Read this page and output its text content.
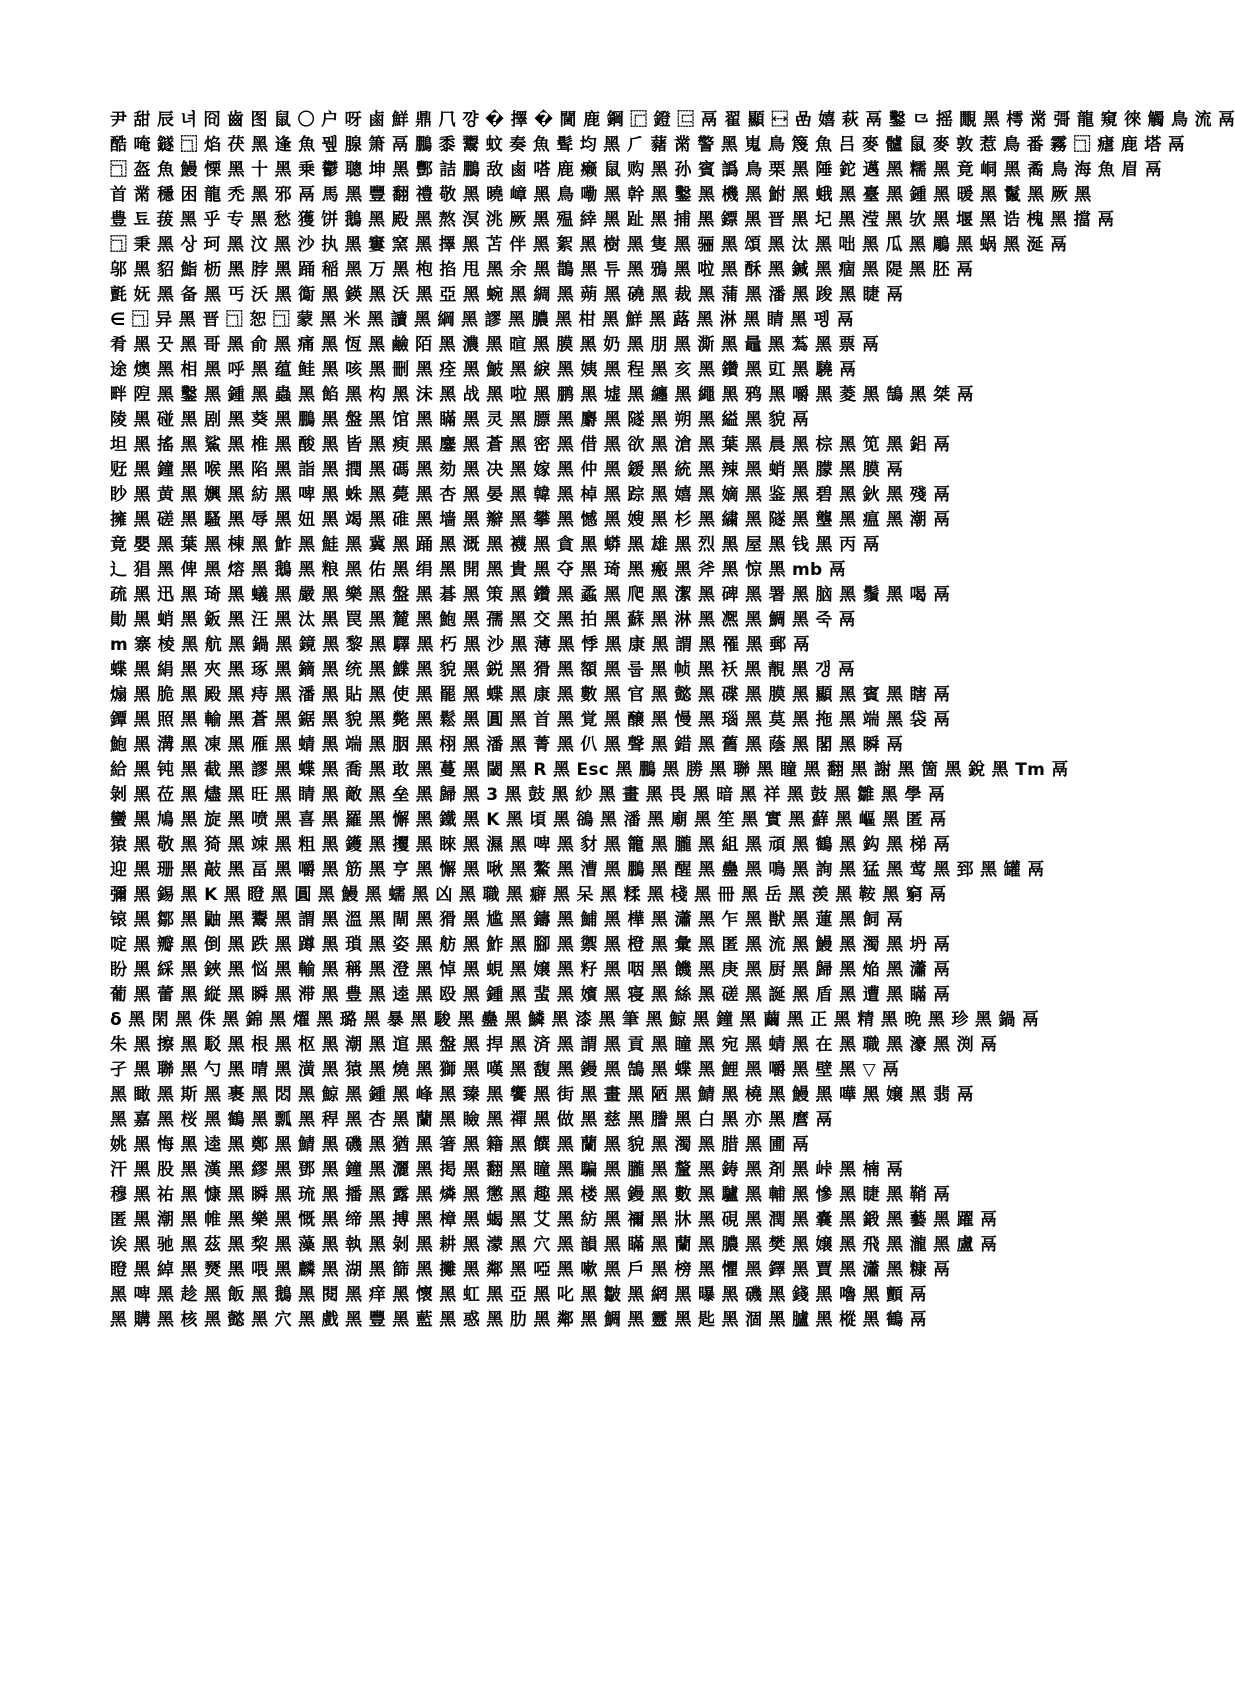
尹 甜 ⾠ 녀 冏 ⿒ 图 ⿏ 〇 户 呀 ⿄ 鮮 ⿍ ⺇ 꺙 � 擇 � 閫 ⿅ 鋼 ⿸ 鐙 ⿷ ⿀ 翟 顯 ⿾ 嵒 嬉 萩 ⿀ 鑿 ⺋ 摇 覵 ⿊ 樗 ⿋ 彁 ⿓ 窺 徠 觸 ⿃ 流 ⿀
酷 唵 鐩 ⿹ 焰 茯 ⿊ 逢 ⿂ 뮆 腺 箫 ⿀ 鵬 ⿉ 鬻 蚊 奏 ⿂ 髶 均 ⿊ ⺁ 藸 ⿋ 警 ⿊ 嵬 ⿃ 篾 ⿂ 吕 ⿆ 髗 ⿏ ⿆ 敦 惹 ⿃ 番 霧 ⿹ 瘧 ⿅ 塔 ⿀
⿹ 盔 ⿂ 鰻 慄 ⿊ 十 ⿊ 乗 鬱 聰 坤 ⿊ 酆 詰 鵬 敌 ⿄ 嗒 ⿅ 癞 ⿏ 购 ⿊ 孙 賓 譌 ⿃ 栗 ⿊ 陲 鉈 邁 ⿊ 糯 ⿊ 竟 峒 ⿊ 矞 ⿃ 海 ⿂ 眉 ⿀
首 ⿋ 穩 困 ⿓ 禿 ⿊ 邪 ⿀ 馬 ⿊ 豐 翻 禮 敬 ⿊ 曉 嶂 ⿊ 鳥 嘞 ⿊ 幹 ⿊ 鑿 ⿊ 機 ⿊ 鮒 ⿊ 蛾 ⿊ 臺 ⿊ 鍾 ⿊ 暖 ⿊ 鬣 ⿊ 厥 ⿊
豊 툐 菝 ⿊ 乎 专 ⿊ 愁 獲 饼 鵝 ⿊ 殿 ⿊ 熬 溟 洮 厥 ⿊ 殟 緈 ⿊ 趾 ⿊ 捕 ⿊ 鏢 ⿊ 晋 ⿊ 圮 ⿊ 滢 ⿊ 欤 ⿊ 堰 ⿊ 诰 槐 ⿊ 擋 ⿀
⿹ 秉 ⿊ 상 珂 ⿊ 汶 ⿊ 沙 执 ⿊ 窶 窯 ⿊ 擇 ⿊ 苫 伴 ⿊ 絮 ⿊ 樹 ⿊ 隻 ⿊ 骊 ⿊ 頌 ⿊ 汰 ⿊ 咄 ⿊ 瓜 ⿊ 鵰 ⿊ 蜗 ⿊ 涎 ⿀
邬 ⿊ 貂 鮨 枥 ⿊ 脖 ⿊ 踊 稲 ⿊ 万 ⿊ 枹 掐 甩 ⿊ 余 ⿊ 鵲 ⿊ 튜 ⿊ 鴉 ⿊ 啦 ⿊ 酥 ⿊ 鍼 ⿊ 痼 ⿊ 隄 ⿊ 胚 ⿀
氈 妩 ⿊ 备 ⿊ 丐 沃 ⿊ 鵆 ⿊ 鍈 ⿊ 沃 ⿊ 亞 ⿊ 蜿 ⿊ 綢 ⿊ 蒴 ⿊ 磽 ⿊ 裁 ⿊ 蒲 ⿊ 潘 ⿊ 踆 ⿊ 睫 ⿀
∈ ⿹ 异 ⿊ 晋 ⿹ 恕 ⿹ 蒙 ⿊ 米 ⿊ 讀 ⿊ 綱 ⿊ 謬 ⿊ 膿 ⿊ 柑 ⿊ 鮮 ⿊ 蕗 ⿊ 淋 ⿊ 睛 ⿊ 펭 ⿀
肴 ⿊ 꿋 ⿊ 哥 ⿊ 俞 ⿊ 痛 ⿊ 恆 ⿊ 鹼 陌 ⿊ 濃 ⿊ 暄 ⿊ 膜 ⿊ 奶 ⿊ 朋 ⿊ 澌 ⿊ 鼂 ⿊ 蒍 ⿊ 票 ⿀
途 燠 ⿊ 相 ⿊ 呼 ⿊ 蕴 鲑 ⿊ 咳 ⿊ 刪 ⿊ 痊 ⿊ 鮍 ⿊ 綟 ⿊ 姨 ⿊ 程 ⿊ 亥 ⿊ 鑽 ⿊ 豇 ⿊ 驍 ⿀
畔 隉 ⿊ 鑿 ⿊ 鍾 ⿊ 蟲 ⿊ 餡 ⿊ 构 ⿊ 沫 ⿊ 战 ⿊ 啦 ⿊ 鹏 ⿊ 墟 ⿊ 纏 ⿊ 繩 ⿊ 鸦 ⿊ 嚼 ⿊ 菱 ⿊ 鵠 ⿊ 桀 ⿀
陵 ⿊ 碰 ⿊ 剧 ⿊ 葵 ⿊ 鵬 ⿊ 盤 ⿊ 馆 ⿊ 瞞 ⿊ 灵 ⿊ 膘 ⿊ 麝 ⿊ 隧 ⿊ 朔 ⿊ 縊 ⿊ 貌 ⿀
坦 ⿊ 搖 ⿊ 鯊 ⿊ 椎 ⿊ 酸 ⿊ 皆 ⿊ 瘐 ⿊ 鏖 ⿊ 蒼 ⿊ 密 ⿊ 借 ⿊ 欲 ⿊ 滄 ⿊ 葉 ⿊ 晨 ⿊ 棕 ⿊ 笕 ⿊ 鋁 ⿀
觃 ⿊ 鐘 ⿊ 喉 ⿊ 陷 ⿊ 詣 ⿊ 撋 ⿊ 碼 ⿊ 劾 ⿊ 决 ⿊ 嫁 ⿊ 仲 ⿊ 鍰 ⿊ 統 ⿊ 辣 ⿊ 蛸 ⿊ 朦 ⿊ 膜 ⿀
眇 ⿊ 黄 ⿊ 嬹 ⿊ 紡 ⿊ 啤 ⿊ 蛛 ⿊ 薨 ⿊ 杏 ⿊ 晏 ⿊ 韓 ⿊ 棹 ⿊ 踪 ⿊ 嬉 ⿊ 嫡 ⿊ 鉴 ⿊ 碧 ⿊ 鈥 ⿊ 殘 ⿀
擁 ⿊ 磋 ⿊ 騷 ⿊ 辱 ⿊ 妞 ⿊ 竭 ⿊ 碓 ⿊ 墙 ⿊ 辮 ⿊ 攀 ⿊ 憾 ⿊ 嫂 ⿊ 杉 ⿊ 繍 ⿊ 隧 ⿊ 壟 ⿊ 瘟 ⿊ 潮 ⿀
竟 嬰 ⿊ 葉 ⿊ 棟 ⿊ 鮓 ⿊ 鮭 ⿊ 冀 ⿊ 踊 ⿊ 溉 ⿊ 襪 ⿊ 貪 ⿊ 蟒 ⿊ 雄 ⿊ 烈 ⿊ 屋 ⿊ 钱 ⿊ 丙 ⿀
辶 猖 ⿊ 俾 ⿊ 熔 ⿊ 鵝 ⿊ 粮 ⿊ 佑 ⿊ 绢 ⿊ 開 ⿊ 貴 ⿊ 夺 ⿊ 琦 ⿊ 瘢 ⿊ 斧 ⿊ 惊 ⿊ mb ⿀
疏 ⿊ 迅 ⿊ 琦 ⿊ 蟻 ⿊ 嚴 ⿊ 樂 ⿊ 盤 ⿊ 碁 ⿊ 策 ⿊ 鑽 ⿊ 蟊 ⿊ 爬 ⿊ 潔 ⿊ 碑 ⿊ 署 ⿊ 脑 ⿊ 鬚 ⿊ 喝 ⿀
勛 ⿊ 蛸 ⿊ 鈑 ⿊ 汪 ⿊ 汰 ⿊ 罠 ⿊ 麓 ⿊ 鮑 ⿊ 孺 ⿊ 交 ⿊ 拍 ⿊ 蘇 ⿊ 淋 ⿊ 凞 ⿊ 鯛 ⿊ 죽 ⿀
m 寨 棱 ⿊ 航 ⿊ 鍋 ⿊ 鏡 ⿊ 黎 ⿊ 驛 ⿊ 朽 ⿊ 沙 ⿊ 薄 ⿊ 悸 ⿊ 康 ⿊ 謂 ⿊ 罹 ⿊ 郵 ⿀
蝶 ⿊ 絹 ⿊ 夾 ⿊ 琢 ⿊ 鏑 ⿊ 统 ⿊ 鰈 ⿊ 貌 ⿊ 鋭 ⿊ 猾 ⿊ 額 ⿊ 룹 ⿊ 帧 ⿊ 袄 ⿊ 靚 ⿊ 갱 ⿀
煽 ⿊ 脆 ⿊ 殿 ⿊ 痔 ⿊ 潘 ⿊ 貼 ⿊ 使 ⿊ 罷 ⿊ 蝶 ⿊ 康 ⿊ 數 ⿊ 官 ⿊ 懿 ⿊ 碟 ⿊ 膜 ⿊ 顯 ⿊ 賓 ⿊ 瞎 ⿀
鐔 ⿊ 照 ⿊ 輸 ⿊ 蒼 ⿊ 鋸 ⿊ 貌 ⿊ 斃 ⿊ 鬆 ⿊ 圓 ⿊ 首 ⿊ 覚 ⿊ 醸 ⿊ 慢 ⿊ 瑙 ⿊ 莫 ⿊ 拖 ⿊ 端 ⿊ 袋 ⿀
鮑 ⿊ 溝 ⿊ 凍 ⿊ 雁 ⿊ 蜻 ⿊ 端 ⿊ 胭 ⿊ 栩 ⿊ 潘 ⿊ 菁 ⿊ 仈 ⿊ 聲 ⿊ 錯 ⿊ 舊 ⿊ 蔭 ⿊ 閣 ⿊ 瞬 ⿀
給 ⿊ 钝 ⿊ 截 ⿊ 謬 ⿊ 蝶 ⿊ 喬 ⿊ 敢 ⿊ 蔓 ⿊ 閾 ⿊ R ⿊ Esc ⿊ 鵬 ⿊ 勝 ⿊ 聯 ⿊ 瞳 ⿊ 翻 ⿊ 謝 ⿊ 箇 ⿊ 銳 ⿊ Tm ⿀
剝 ⿊ 莅 ⿊ 燼 ⿊ 旺 ⿊ 睛 ⿊ 敵 ⿊ 垒 ⿊ 歸 ⿊ 3 ⿊ 鼓 ⿊ 紗 ⿊ 畫 ⿊ 畏 ⿊ 暗 ⿊ 祥 ⿊ 鼓 ⿊ 雛 ⿊ 學 ⿀
蠻 ⿊ 鳩 ⿊ 旋 ⿊ 喷 ⿊ 喜 ⿊ 羅 ⿊ 懈 ⿊ 鐵 ⿊ K ⿊ 頃 ⿊ 鵒 ⿊ 潘 ⿊ 廟 ⿊ 笙 ⿊ 實 ⿊ 蘚 ⿊ 嶇 ⿊ 匿 ⿀
猿 ⿊ 敬 ⿊ 猗 ⿊ 竦 ⿊ 粗 ⿊ 鑊 ⿊ 攫 ⿊ 睞 ⿊ 濕 ⿊ 啤 ⿊ 豺 ⿊ 籠 ⿊ 朧 ⿊ 組 ⿊ 頑 ⿊ 鶴 ⿊ 鈎 ⿊ 梯 ⿀
迎 ⿊ 珊 ⿊ 敲 ⿊ 畐 ⿊ 嚼 ⿊ 筋 ⿊ 亨 ⿊ 懈 ⿊ 啾 ⿊ 鰲 ⿊ 漕 ⿊ 鵬 ⿊ 醒 ⿊ 蠱 ⿊ 鳴 ⿊ 詢 ⿊ 猛 ⿊ 莺 ⿊ 郅 ⿊ 罐 ⿀
彌 ⿊ 錫 ⿊ K ⿊ 瞪 ⿊ 圓 ⿊ 鰻 ⿊ 蠕 ⿊ 凶 ⿊ 職 ⿊ 癖 ⿊ 呆 ⿊ 糅 ⿊ 棧 ⿊ 冊 ⿊ 岳 ⿊ 羡 ⿊ 鞍 ⿊ 窮 ⿀
锿 ⿊ 鄒 ⿊ 鼬 ⿊ 鬻 ⿊ 謂 ⿊ 溫 ⿊ 閘 ⿊ 猾 ⿊ 尴 ⿊ 鑄 ⿊ 鯆 ⿊ 樺 ⿊ 瀟 ⿊ 乍 ⿊ 獣 ⿊ 蓮 ⿊ 飼 ⿀
啶 ⿊ 瓣 ⿊ 倒 ⿊ 跌 ⿊ 蹲 ⿊ 瑣 ⿊ 姿 ⿊ 舫 ⿊ 鮓 ⿊ 腳 ⿊ 禦 ⿊ 橙 ⿊ 彙 ⿊ 匿 ⿊ 流 ⿊ 鰻 ⿊ 濁 ⿊ 坍 ⿀
盼 ⿊ 綵 ⿊ 鋏 ⿊ 悩 ⿊ 輸 ⿊ 稱 ⿊ 澄 ⿊ 悼 ⿊ 蜆 ⿊ 嬢 ⿊ 籽 ⿊ 咽 ⿊ 饑 ⿊ 庚 ⿊ 厨 ⿊ 歸 ⿊ 焔 ⿊ 瀟 ⿀
葡 ⿊ 蕾 ⿊ 縦 ⿊ 瞬 ⿊ 滞 ⿊ 豊 ⿊ 逵 ⿊ 殴 ⿊ 鍾 ⿊ 蜚 ⿊ 嬪 ⿊ 寝 ⿊ 絲 ⿊ 磋 ⿊ 誕 ⿊ 盾 ⿊ 遭 ⿊ 瞞 ⿀
δ ⿊ 閑 ⿊ 侏 ⿊ 錦 ⿊ 燿 ⿊ 璐 ⿊ 暴 ⿊ 駿 ⿊ 蠱 ⿊ 鱗 ⿊ 漆 ⿊ 筆 ⿊ 鯨 ⿊ 鐘 ⿊ 繭 ⿊ 正 ⿊ 精 ⿊ 晩 ⿊ 珍 ⿊ 鍋 ⿀
朱 ⿊ 擦 ⿊ 駁 ⿊ 根 ⿊ 枢 ⿊ 潮 ⿊ 逭 ⿊ 盤 ⿊ 捍 ⿊ 済 ⿊ 謂 ⿊ 貢 ⿊ 瞳 ⿊ 宛 ⿊ 蜻 ⿊ 在 ⿊ 職 ⿊ 濠 ⿊ 渕 ⿀
孑 ⿊ 聯 ⿊ 勺 ⿊ 晴 ⿊ 潢 ⿊ 猿 ⿊ 燒 ⿊ 獅 ⿊ 嘆 ⿊ 馥 ⿊ 鏝 ⿊ 鵠 ⿊ 蝶 ⿊ 鯉 ⿊ 嚼 ⿊ 壁 ⿊ ▽ ⿀
⿊ 瞰 ⿊ 斯 ⿊ 裹 ⿊ 悶 ⿊ 鯨 ⿊ 鍾 ⿊ 峰 ⿊ 臻 ⿊ 饗 ⿊ 街 ⿊ 畫 ⿊ 陋 ⿊ 鯖 ⿊ 橈 ⿊ 鰻 ⿊ 嘩 ⿊ 嬢 ⿊ 翡 ⿀
⿊ 嘉 ⿊ 桜 ⿊ 鶴 ⿊ 瓢 ⿊ 稈 ⿊ 杏 ⿊ 蘭 ⿊ 瞼 ⿊ 禪 ⿊ 做 ⿊ 慈 ⿊ 謄 ⿊ 白 ⿊ 亦 ⿊ 麿 ⿀
姚 ⿊ 悔 ⿊ 逵 ⿊ 鄭 ⿊ 鯖 ⿊ 磯 ⿊ 猶 ⿊ 箸 ⿊ 籍 ⿊ 饌 ⿊ 蘭 ⿊ 貌 ⿊ 濁 ⿊ 腊 ⿊ 圃 ⿀
汗 ⿊ 股 ⿊ 漢 ⿊ 繆 ⿊ 鄧 ⿊ 鐘 ⿊ 灑 ⿊ 掲 ⿊ 翻 ⿊ 瞳 ⿊ 騙 ⿊ 朧 ⿊ 釐 ⿊ 鋳 ⿊ 剤 ⿊ 峠 ⿊ 楠 ⿀
穆 ⿊ 祐 ⿊ 慷 ⿊ 瞬 ⿊ 琉 ⿊ 播 ⿊ 露 ⿊ 燐 ⿊ 懲 ⿊ 趣 ⿊ 楼 ⿊ 鏝 ⿊ 數 ⿊ 驢 ⿊ 輔 ⿊ 慘 ⿊ 睫 ⿊ 鞘 ⿀
匿 ⿊ 潮 ⿊ 帷 ⿊ 樂 ⿊ 慨 ⿊ 缔 ⿊ 搏 ⿊ 樟 ⿊ 蝎 ⿊ 艾 ⿊ 紡 ⿊ 禰 ⿊ 牀 ⿊ 硯 ⿊ 潤 ⿊ 嚢 ⿊ 鍛 ⿊ 藝 ⿊ 躍 ⿀
诶 ⿊ 驰 ⿊ 茲 ⿊ 棃 ⿊ 藻 ⿊ 執 ⿊ 剝 ⿊ 耕 ⿊ 濛 ⿊ 穴 ⿊ 韻 ⿊ 瞞 ⿊ 蘭 ⿊ 膿 ⿊ 樊 ⿊ 嬢 ⿊ 飛 ⿊ 瀧 ⿊ 盧 ⿀
瞪 ⿊ 綽 ⿊ 燹 ⿊ 喂 ⿊ 麟 ⿊ 湖 ⿊ 篩 ⿊ 攤 ⿊ 鄰 ⿊ 啞 ⿊ 嗽 ⿊ 戶 ⿊ 榜 ⿊ 懼 ⿊ 鐸 ⿊ 賈 ⿊ 瀟 ⿊ 糠 ⿀
⿊ 啤 ⿊ 趁 ⿊ 飯 ⿊ 鵝 ⿊ 閱 ⿊ 痒 ⿊ 懷 ⿊ 虹 ⿊ 亞 ⿊ 叱 ⿊ 皺 ⿊ 網 ⿊ 曝 ⿊ 磯 ⿊ 錢 ⿊ 嚕 ⿊ 顫 ⿀
⿊ 購 ⿊ 核 ⿊ 懿 ⿊ 穴 ⿊ 戲 ⿊ 豐 ⿊ 藍 ⿊ 惑 ⿊ 肋 ⿊ 鄰 ⿊ 鯛 ⿊ 靈 ⿊ 匙 ⿊ 涸 ⿊ 臚 ⿊ 樅 ⿊ 鶴 ⿀
